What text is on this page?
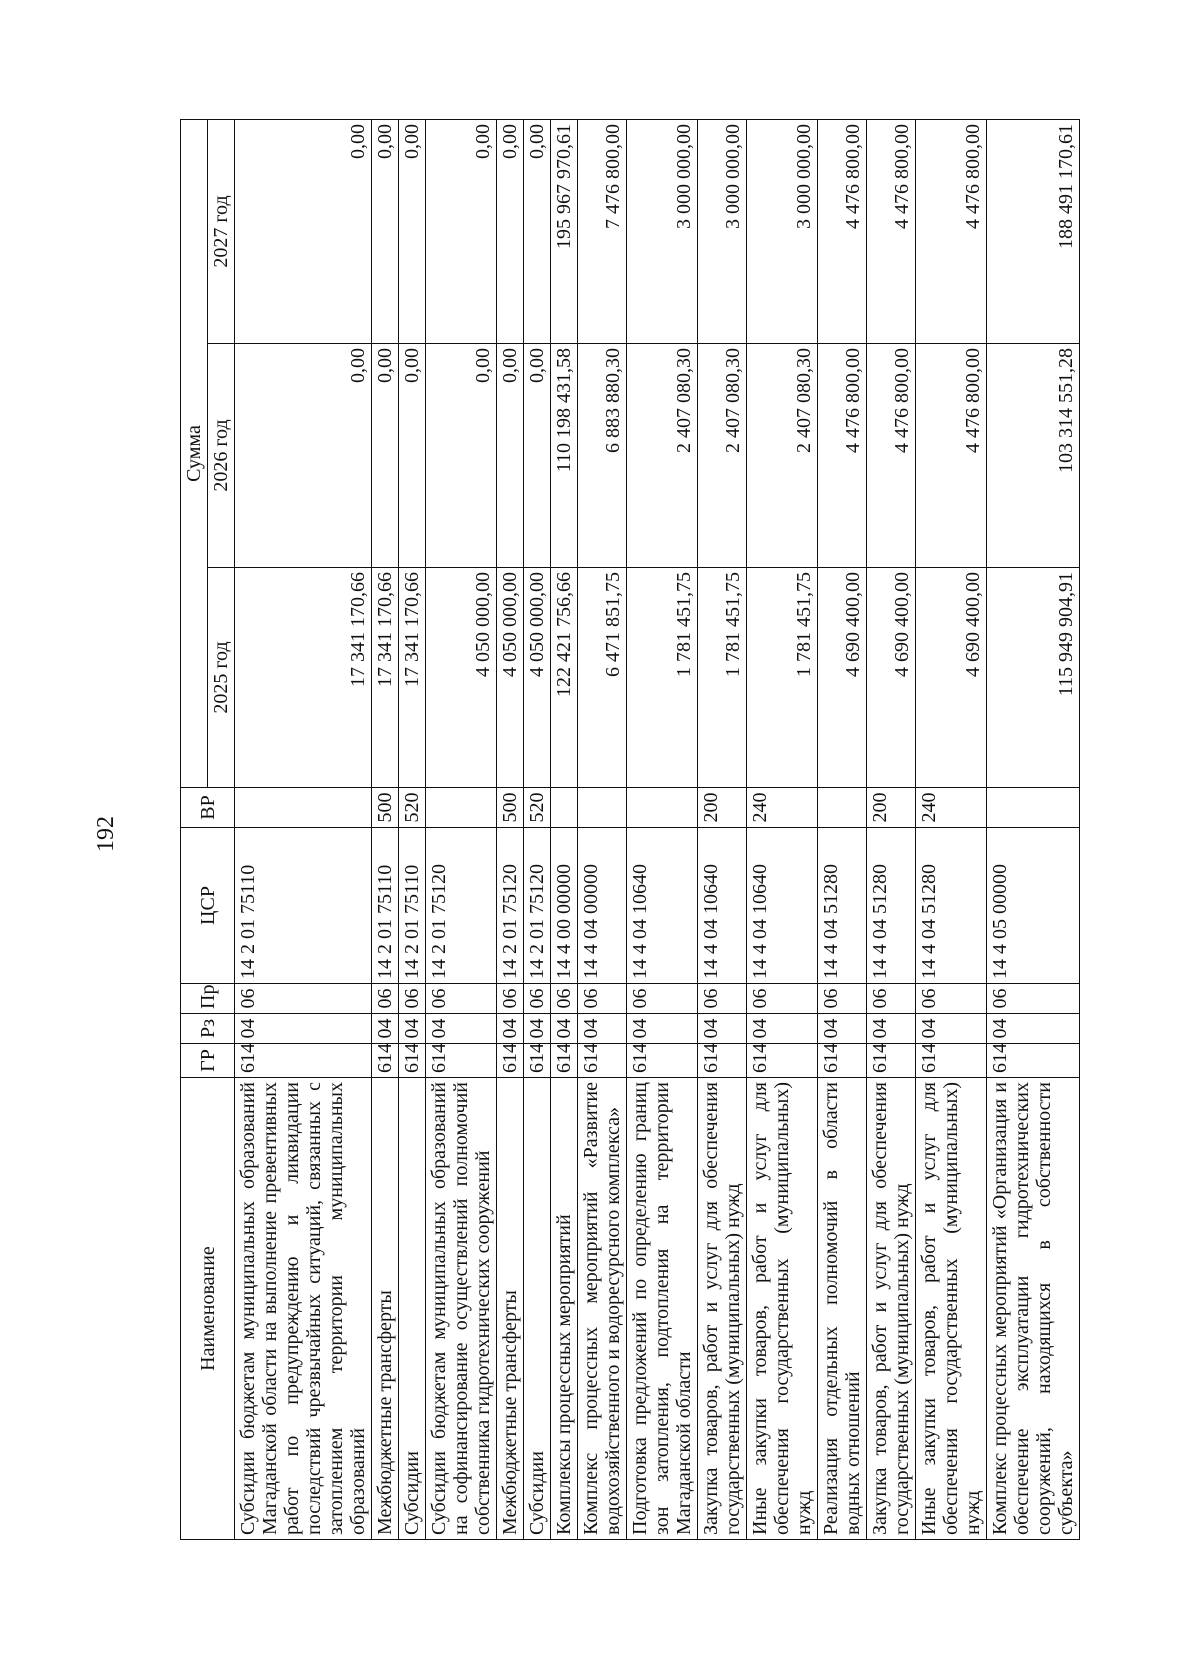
192
Наименование	ГР	Рз	Пр	ЦСР	ВР	Сумма		
						2025 год	2026 год	2027 год
Субсидии бюджетам муниципальных образований Магаданской области на выполнение превентивных работ по предупреждению и ликвидации последствий чрезвычайных ситуаций, связанных с затоплением территории муниципальных образований	614	04	06	14 2 01 75110		17 341 170,66	0,00	0,00
Межбюджетные трансферты	614	04	06	14 2 01 75110	500	17 341 170,66	0,00	0,00
Субсидии	614	04	06	14 2 01 75110	520	17 341 170,66	0,00	0,00
Субсидии бюджетам муниципальных образований на софинансирование осуществлений полномочий собственника гидротехнических сооружений	614	04	06	14 2 01 75120		4 050 000,00	0,00	0,00
Межбюджетные трансферты	614	04	06	14 2 01 75120	500	4 050 000,00	0,00	0,00
Субсидии	614	04	06	14 2 01 75120	520	4 050 000,00	0,00	0,00
Комплексы процессных мероприятий	614	04	06	14 4 00 00000		122 421 756,66	110 198 431,58	195 967 970,61
Комплекс процессных мероприятий «Развитие водохозяйственного и водоресурсного комплекса»	614	04	06	14 4 04 00000		6 471 851,75	6 883 880,30	7 476 800,00
Подготовка предложений по определению границ зон затопления, подтопления на территории Магаданской области	614	04	06	14 4 04 10640		1 781 451,75	2 407 080,30	3 000 000,00
Закупка товаров, работ и услуг для обеспечения государственных (муниципальных) нужд	614	04	06	14 4 04 10640	200	1 781 451,75	2 407 080,30	3 000 000,00
Иные закупки товаров, работ и услуг для обеспечения государственных (муниципальных) нужд	614	04	06	14 4 04 10640	240	1 781 451,75	2 407 080,30	3 000 000,00
Реализация отдельных полномочий в области водных отношений	614	04	06	14 4 04 51280		4 690 400,00	4 476 800,00	4 476 800,00
Закупка товаров, работ и услуг для обеспечения государственных (муниципальных) нужд	614	04	06	14 4 04 51280	200	4 690 400,00	4 476 800,00	4 476 800,00
Иные закупки товаров, работ и услуг для обеспечения государственных (муниципальных) нужд	614	04	06	14 4 04 51280	240	4 690 400,00	4 476 800,00	4 476 800,00
Комплекс процессных мероприятий «Организация и обеспечение эксплуатации гидротехнических сооружений, находящихся в собственности субъекта»	614	04	06	14 4 05 00000		115 949 904,91	103 314 551,28	188 491 170,61
